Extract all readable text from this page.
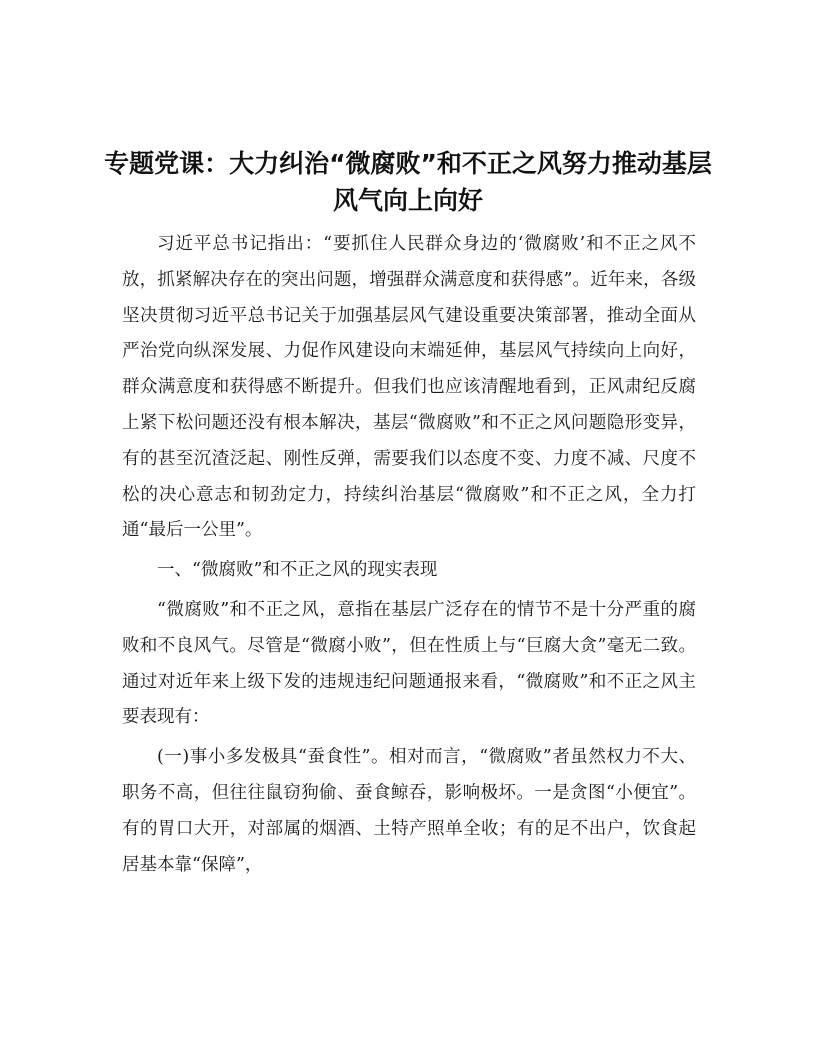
专题党课：大力纠治“微腐败”和不正之风努力推动基层风气向上向好

习近平总书记指出：“要抓住人民群众身边的‘微腐败’和不正之风不放，抓紧解决存在的突出问题，增强群众满意度和获得感”。近年来，各级坚决贯彻习近平总书记关于加强基层风气建设重要决策部署，推动全面从严治党向纵深发展、力促作风建设向末端延伸，基层风气持续向上向好，群众满意度和获得感不断提升。但我们也应该清醒地看到，正风肃纪反腐上紧下松问题还没有根本解决，基层“微腐败”和不正之风问题隐形变异，有的甚至沉渣泛起、刚性反弹，需要我们以态度不变、力度不减、尺度不松的决心意志和韧劲定力，持续纠治基层“微腐败”和不正之风，全力打通“最后一公里”。

一、“微腐败”和不正之风的现实表现

“微腐败”和不正之风，意指在基层广泛存在的情节不是十分严重的腐败和不良风气。尽管是“微腐小败”，但在性质上与“巨腐大贪”毫无二致。通过对近年来上级下发的违规违纪问题通报来看，“微腐败”和不正之风主要表现有：

(一)事小多发极具“蚕食性”。相对而言，“微腐败”者虽然权力不大、职务不高，但往往鼠窃狗偷、蚕食鲸吞，影响极坏。一是贪图“小便宜”。有的胃口大开，对部属的烟酒、土特产照单全收；有的足不出户，饮食起居基本靠“保障”，
